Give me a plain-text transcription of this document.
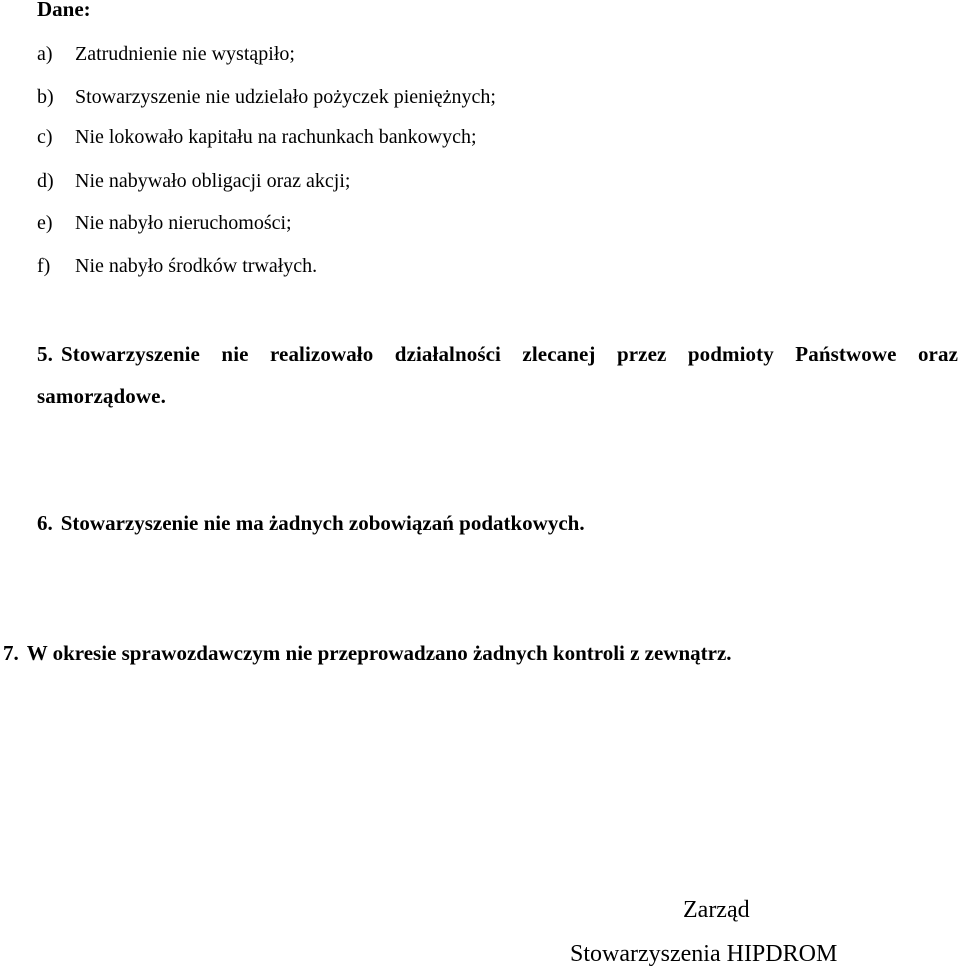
Dane:
a) Zatrudnienie nie wystąpiło;
b) Stowarzyszenie nie udzielało pożyczek pieniężnych;
c) Nie lokowało kapitału na rachunkach bankowych;
d) Nie nabywało obligacji oraz akcji;
e) Nie nabyło nieruchomości;
f) Nie nabyło środków trwałych.
5. Stowarzyszenie nie realizowało działalności zlecanej przez podmioty Państwowe oraz
samorządowe.
6. Stowarzyszenie nie ma żadnych zobowiązań podatkowych.
7. W okresie sprawozdawczym nie przeprowadzano żadnych kontroli z zewnątrz.
Zarząd
Stowarzyszenia HIPDROM
